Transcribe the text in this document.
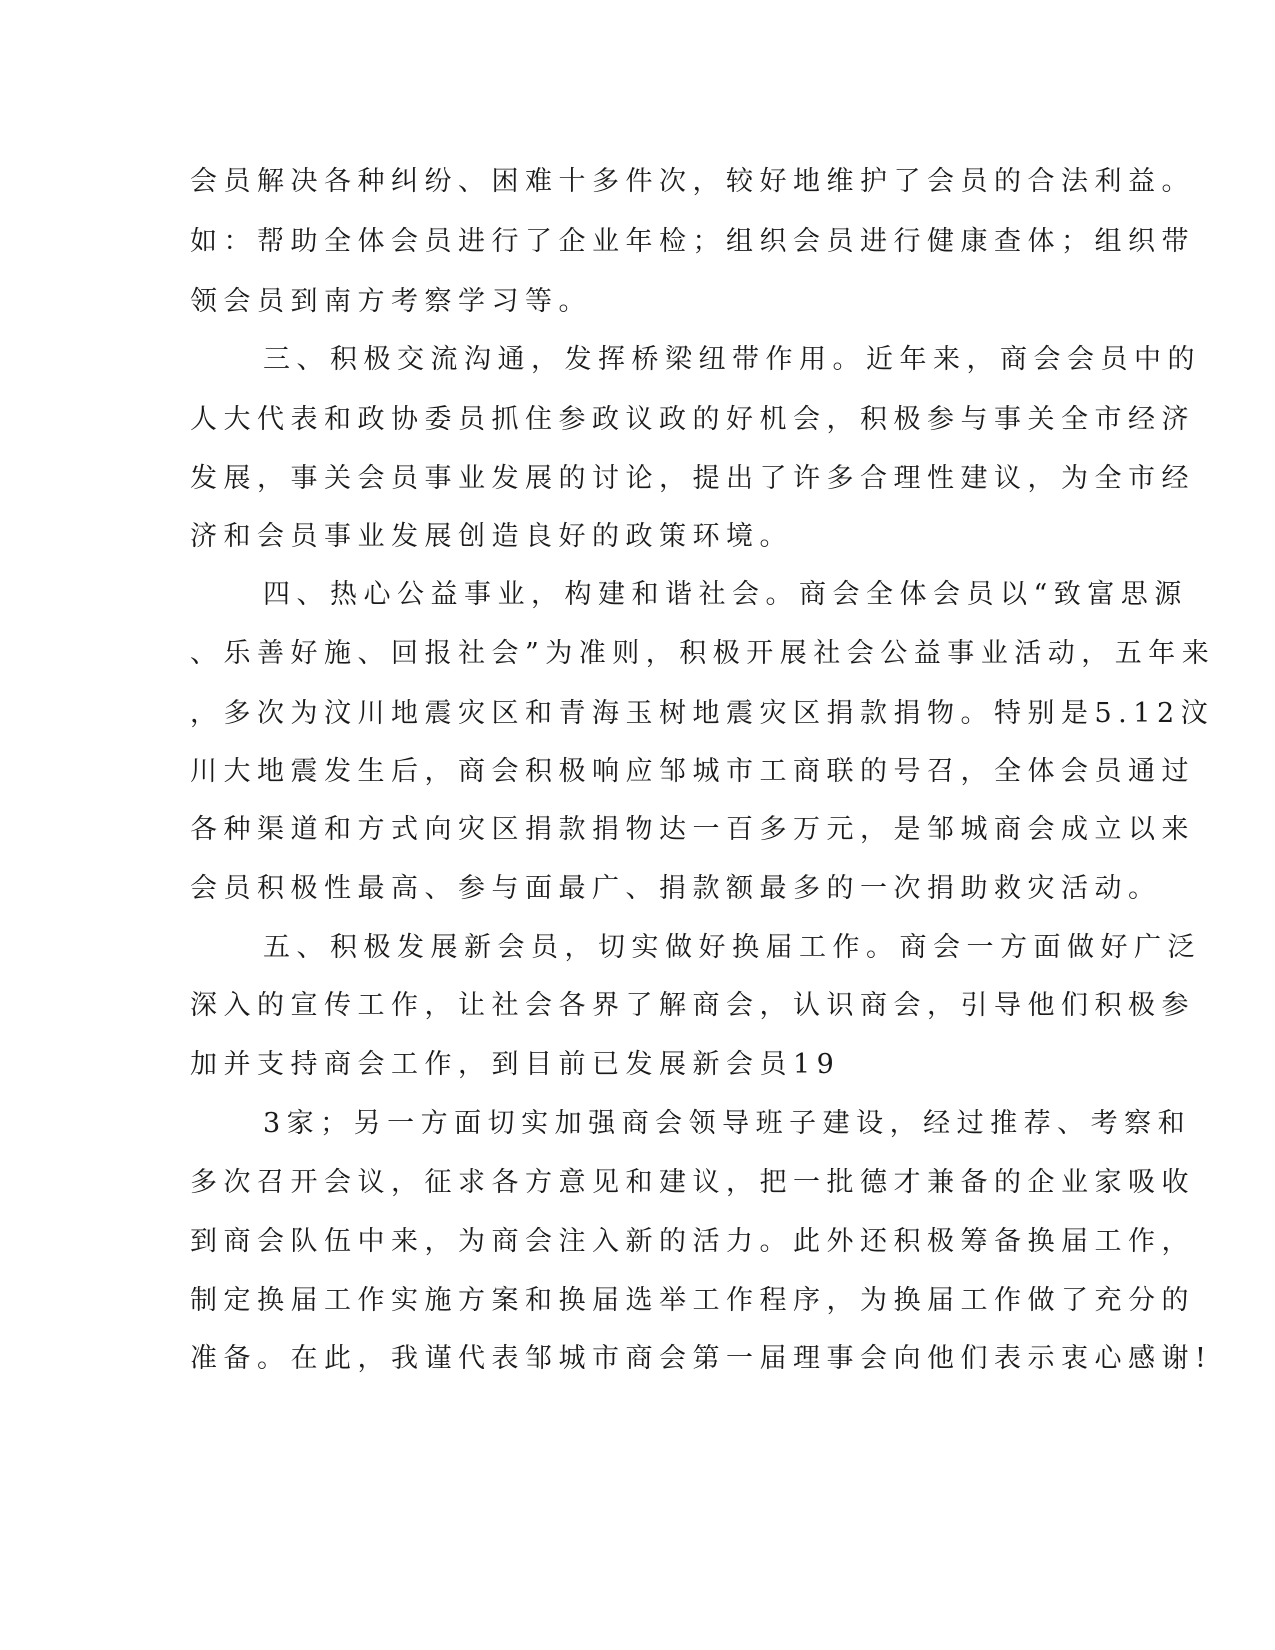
会员解决各种纠纷、困难十多件次，较好地维护了会员的合法利益。
如：帮助全体会员进行了企业年检；组织会员进行健康查体；组织带
领会员到南方考察学习等。
三、积极交流沟通，发挥桥梁纽带作用。近年来，商会会员中的
人大代表和政协委员抓住参政议政的好机会，积极参与事关全市经济
发展，事关会员事业发展的讨论，提出了许多合理性建议，为全市经
济和会员事业发展创造良好的政策环境。
四、热心公益事业，构建和谐社会。商会全体会员以“致富思源
、乐善好施、回报社会”为准则，积极开展社会公益事业活动，五年来
，多次为汶川地震灾区和青海玉树地震灾区捐款捐物。特别是5.12汶
川大地震发生后，商会积极响应邹城市工商联的号召，全体会员通过
各种渠道和方式向灾区捐款捐物达一百多万元，是邹城商会成立以来
会员积极性最高、参与面最广、捐款额最多的一次捐助救灾活动。
五、积极发展新会员，切实做好换届工作。商会一方面做好广泛
深入的宣传工作，让社会各界了解商会，认识商会，引导他们积极参
加并支持商会工作，到目前已发展新会员19
3家；另一方面切实加强商会领导班子建设，经过推荐、考察和
多次召开会议，征求各方意见和建议，把一批德才兼备的企业家吸收
到商会队伍中来，为商会注入新的活力。此外还积极筹备换届工作，
制定换届工作实施方案和换届选举工作程序，为换届工作做了充分的
准备。在此，我谨代表邹城市商会第一届理事会向他们表示衷心感谢!
